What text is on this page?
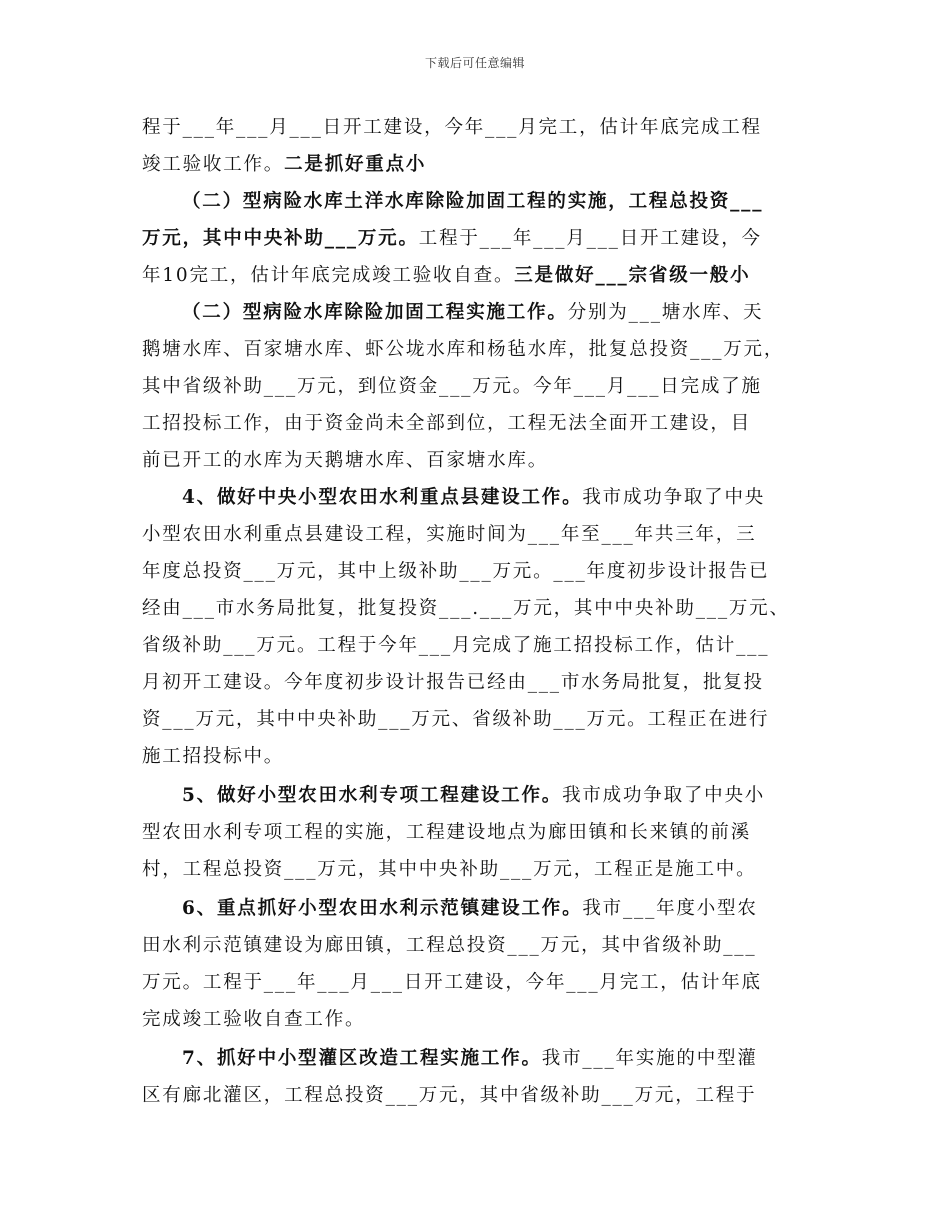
下载后可任意编辑
程于___年___月___日开工建设，今年___月完工，估计年底完成工程
竣工验收工作。二是抓好重点小
（二）型病险水库土洋水库除险加固工程的实施，工程总投资___
万元，其中中央补助___万元。工程于___年___月___日开工建设，今
年10完工，估计年底完成竣工验收自查。三是做好___宗省级一般小
（二）型病险水库除险加固工程实施工作。分别为___塘水库、天
鹅塘水库、百家塘水库、虾公垅水库和杨毡水库，批复总投资___万元，
其中省级补助___万元，到位资金___万元。今年___月___日完成了施
工招投标工作，由于资金尚未全部到位，工程无法全面开工建设，目
前已开工的水库为天鹅塘水库、百家塘水库。
4、做好中央小型农田水利重点县建设工作。我市成功争取了中央
小型农田水利重点县建设工程，实施时间为___年至___年共三年，三
年度总投资___万元，其中上级补助___万元。___年度初步设计报告已
经由___市水务局批复，批复投资___.___万元，其中中央补助___万元、
省级补助___万元。工程于今年___月完成了施工招投标工作，估计___
月初开工建设。今年度初步设计报告已经由___市水务局批复，批复投
资___万元，其中中央补助___万元、省级补助___万元。工程正在进行
施工招投标中。
5、做好小型农田水利专项工程建设工作。我市成功争取了中央小
型农田水利专项工程的实施，工程建设地点为廊田镇和长来镇的前溪
村，工程总投资___万元，其中中央补助___万元，工程正是施工中。
6、重点抓好小型农田水利示范镇建设工作。我市___年度小型农
田水利示范镇建设为廊田镇，工程总投资___万元，其中省级补助___
万元。工程于___年___月___日开工建设，今年___月完工，估计年底
完成竣工验收自查工作。
7、抓好中小型灌区改造工程实施工作。我市___年实施的中型灌
区有廊北灌区，工程总投资___万元，其中省级补助___万元，工程于
